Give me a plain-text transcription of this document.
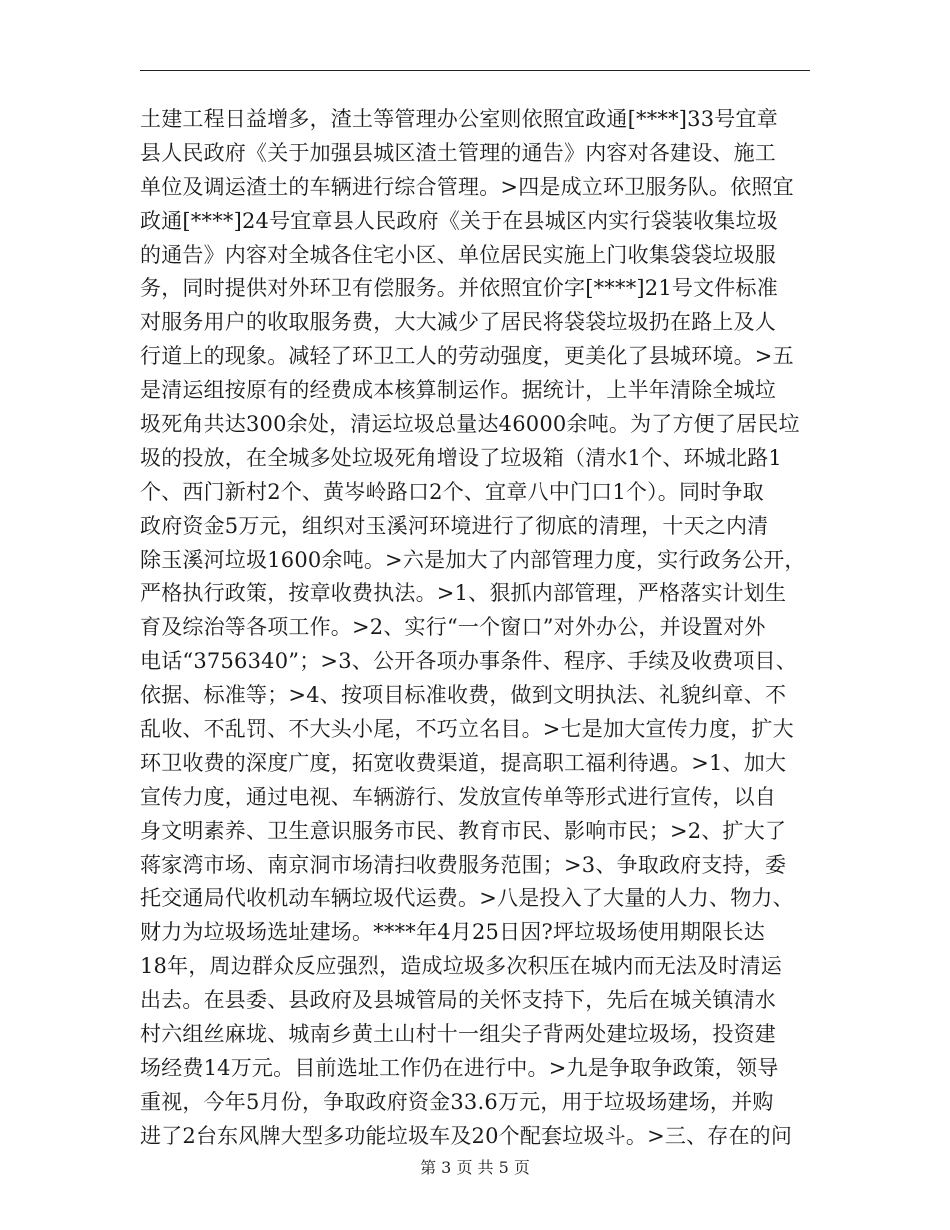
土建工程日益增多，渣土等管理办公室则依照宜政通[****]33号宜章
县人民政府《关于加强县城区渣土管理的通告》内容对各建设、施工
单位及调运渣土的车辆进行综合管理。>四是成立环卫服务队。依照宜
政通[****]24号宜章县人民政府《关于在县城区内实行袋装收集垃圾
的通告》内容对全城各住宅小区、单位居民实施上门收集袋袋垃圾服
务，同时提供对外环卫有偿服务。并依照宜价字[****]21号文件标准
对服务用户的收取服务费，大大减少了居民将袋袋垃圾扔在路上及人
行道上的现象。减轻了环卫工人的劳动强度，更美化了县城环境。>五
是清运组按原有的经费成本核算制运作。据统计，上半年清除全城垃
圾死角共达300余处，清运垃圾总量达46000余吨。为了方便了居民垃
圾的投放，在全城多处垃圾死角增设了垃圾箱（清水1个、环城北路1
个、西门新村2个、黄岑岭路口2个、宜章八中门口1个）。同时争取
政府资金5万元，组织对玉溪河环境进行了彻底的清理，十天之内清
除玉溪河垃圾1600余吨。>六是加大了内部管理力度，实行政务公开，
严格执行政策，按章收费执法。>1、狠抓内部管理，严格落实计划生
育及综治等各项工作。>2、实行“一个窗口”对外办公，并设置对外
电话“3756340”；>3、公开各项办事条件、程序、手续及收费项目、
依据、标准等；>4、按项目标准收费，做到文明执法、礼貌纠章、不
乱收、不乱罚、不大头小尾，不巧立名目。>七是加大宣传力度，扩大
环卫收费的深度广度，拓宽收费渠道，提高职工福利待遇。>1、加大
宣传力度，通过电视、车辆游行、发放宣传单等形式进行宣传，以自
身文明素养、卫生意识服务市民、教育市民、影响市民；>2、扩大了
蒋家湾市场、南京洞市场清扫收费服务范围；>3、争取政府支持，委
托交通局代收机动车辆垃圾代运费。>八是投入了大量的人力、物力、
财力为垃圾场选址建场。****年4月25日因?坪垃圾场使用期限长达
18年，周边群众反应强烈，造成垃圾多次积压在城内而无法及时清运
出去。在县委、县政府及县城管局的关怀支持下，先后在城关镇清水
村六组丝麻垅、城南乡黄土山村十一组尖子背两处建垃圾场，投资建
场经费14万元。目前选址工作仍在进行中。>九是争取争政策，领导
重视，今年5月份，争取政府资金33.6万元，用于垃圾场建场，并购
进了2台东风牌大型多功能垃圾车及20个配套垃圾斗。>三、存在的问
第 3 页 共 5 页
